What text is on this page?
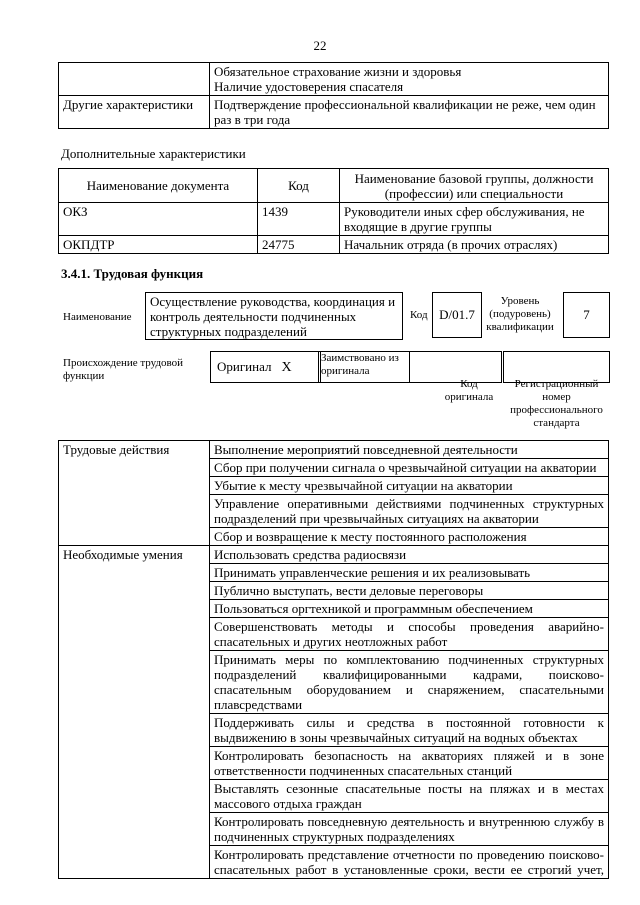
22

	Обязательное страхование жизни и здоровья
Наличие удостоверения спасателя

Другие характеристики	Подтверждение профессиональной квалификации не реже, чем один раз в три года
Дополнительные характеристики
Наименование документа	Код	Наименование базовой группы, должности (профессии) или специальности
ОКЗ	1439	Руководители иных сфер обслуживания, не входящие в другие группы
ОКПДТР	24775	Начальник отряда (в прочих отраслях)
3.4.1. Трудовая функция
Наименование
Осуществление руководства, координация и контроль деятельности подчиненных структурных подразделений
Код D/01.7
Уровень (подуровень) квалификации
7
Происхождение трудовой функции
Оригинал X
Заимствовано из оригинала
Код оригинала
Регистрационный номер профессионального стандарта
Трудовые действия	Выполнение мероприятий повседневной деятельности
	Сбор при получении сигнала о чрезвычайной ситуации на акватории
	Убытие к месту чрезвычайной ситуации на акватории
	Управление оперативными действиями подчиненных структурных подразделений при чрезвычайных ситуациях на акватории
	Сбор и возвращение к месту постоянного расположения
Необходимые умения	Использовать средства радиосвязи
	Принимать управленческие решения и их реализовывать
	Публично выступать, вести деловые переговоры
	Пользоваться оргтехникой и программным обеспечением
	Совершенствовать методы и способы проведения аварийно-спасательных и других неотложных работ
	Принимать меры по комплектованию подчиненных структурных подразделений квалифицированными кадрами, поисково-спасательным оборудованием и снаряжением, спасательными плавсредствами
	Поддерживать силы и средства в постоянной готовности к выдвижению в зоны чрезвычайных ситуаций на водных объектах
	Контролировать безопасность на акваториях пляжей и в зоне ответственности подчиненных спасательных станций
	Выставлять сезонные спасательные посты на пляжах и в местах массового отдыха граждан
	Контролировать повседневную деятельность и внутреннюю службу в подчиненных структурных подразделениях
	Контролировать представление отчетности по проведению поисково-спасательных работ в установленные сроки, вести ее строгий учет,
